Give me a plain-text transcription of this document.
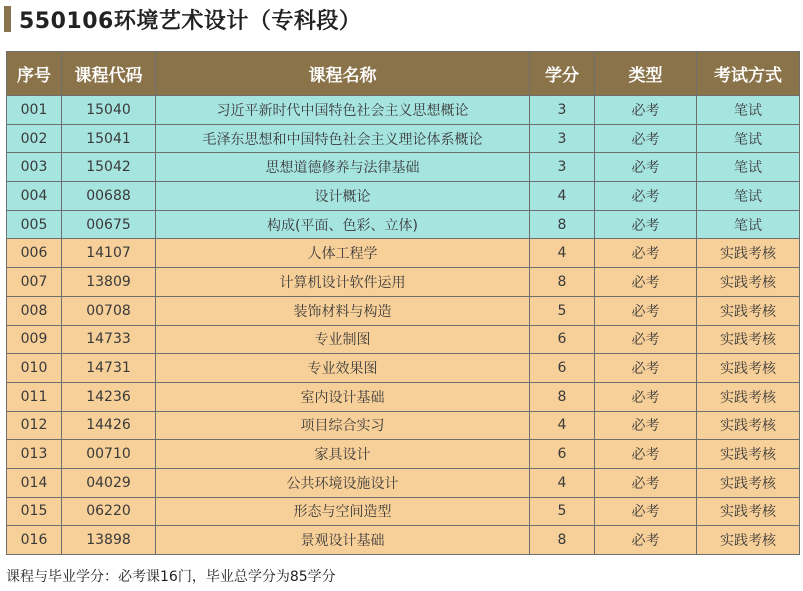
550106环境艺术设计（专科段）
序号	课程代码	课程名称	学分	类型	考试方式
001	15040	习近平新时代中国特色社会主义思想概论	3	必考	笔试
002	15041	毛泽东思想和中国特色社会主义理论体系概论	3	必考	笔试
003	15042	思想道德修养与法律基础	3	必考	笔试
004	00688	设计概论	4	必考	笔试
005	00675	构成(平面、色彩、立体)	8	必考	笔试
006	14107	人体工程学	4	必考	实践考核
007	13809	计算机设计软件运用	8	必考	实践考核
008	00708	装饰材料与构造	5	必考	实践考核
009	14733	专业制图	6	必考	实践考核
010	14731	专业效果图	6	必考	实践考核
011	14236	室内设计基础	8	必考	实践考核
012	14426	项目综合实习	4	必考	实践考核
013	00710	家具设计	6	必考	实践考核
014	04029	公共环境设施设计	4	必考	实践考核
015	06220	形态与空间造型	5	必考	实践考核
016	13898	景观设计基础	8	必考	实践考核
课程与毕业学分：必考课16门，毕业总学分为85学分
